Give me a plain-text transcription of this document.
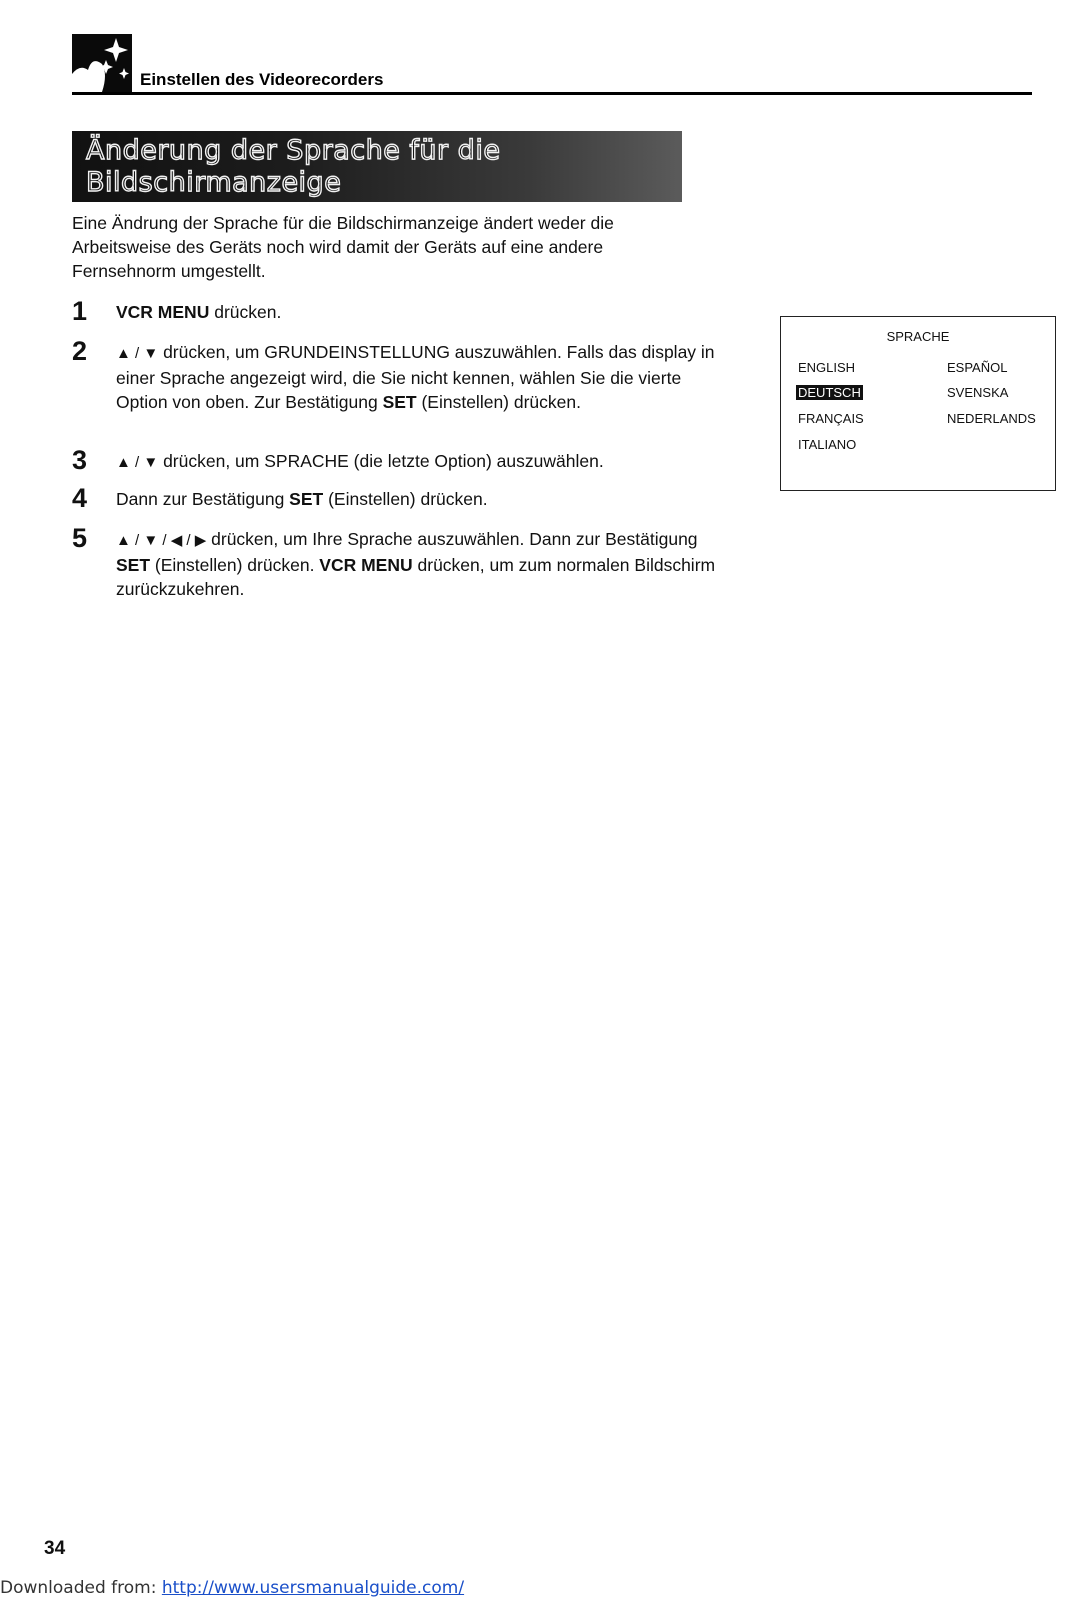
Einstellen des Videorecorders
Änderung der Sprache für die
Bildschirmanzeige

Eine Ändrung der Sprache für die Bildschirmanzeige ändert weder die Arbeitsweise des Geräts noch wird damit der Geräts auf eine andere Fernsehnorm umgestellt.

1 VCR MENU drücken.
2 ▲ / ▼ drücken, um GRUNDEINSTELLUNG auszuwählen. Falls das display in einer Sprache angezeigt wird, die Sie nicht kennen, wählen Sie die vierte Option von oben. Zur Bestätigung SET (Einstellen) drücken.
3 ▲ / ▼ drücken, um SPRACHE (die letzte Option) auszuwählen.
4 Dann zur Bestätigung SET (Einstellen) drücken.
5 ▲ / ▼ / ◀ / ▶ drücken, um Ihre Sprache auszuwählen. Dann zur Bestätigung SET (Einstellen) drücken. VCR MENU drücken, um zum normalen Bildschirm zurückzukehren.
SPRACHE
ENGLISH
DEUTSCH
FRANÇAIS
ITALIANO
ESPAÑOL
SVENSKA
NEDERLANDS
34
Downloaded from: http://www.usersmanualguide.com/
